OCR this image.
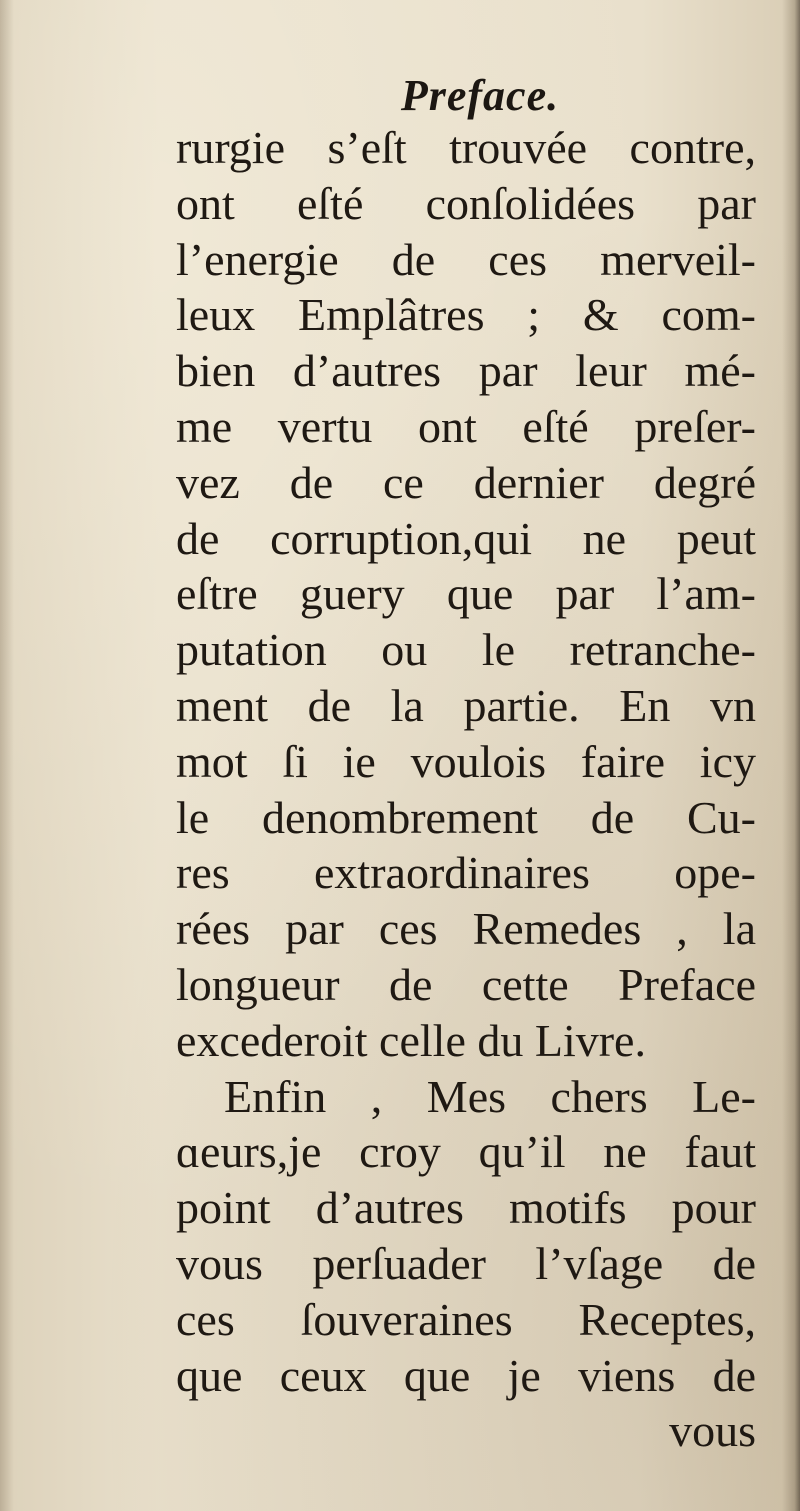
Preface.
rurgie s’eſt trouvée contre,
ont eſté conſolidées par
l’energie de ces merveil-
leux Emplâtres ; & com-
bien d’autres par leur mé-
me vertu ont eſté preſer-
vez de ce dernier degré
de corruption,qui ne peut
eſtre guery que par l’am-
putation ou le retranche-
ment de la partie. En vn
mot ſi ie voulois faire icy
le denombrement de Cu-
res extraordinaires ope-
rées par ces Remedes , la
longueur de cette Preface
excederoit celle du Livre.
Enfin , Mes chers Le-
ɑeurs,je croy qu’il ne faut
point d’autres motifs pour
vous perſuader l’vſage de
ces ſouveraines Receptes,
que ceux que je viens de
vous
